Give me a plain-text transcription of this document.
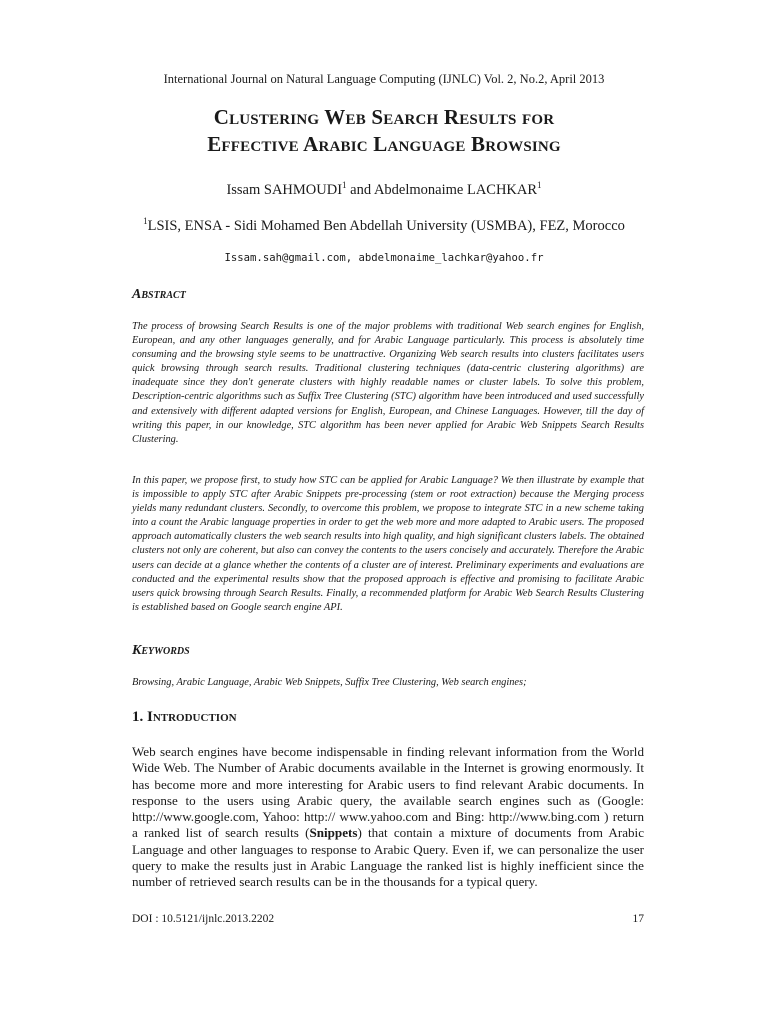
International Journal on Natural Language Computing (IJNLC) Vol. 2, No.2, April 2013
Clustering Web Search Results for
Effective Arabic Language Browsing
Issam SAHMOUDI$^1$ and Abdelmonaime LACHKAR$^1$
$^1$LSIS, ENSA - Sidi Mohamed Ben Abdellah University (USMBA), FEZ, Morocco
Issam.sah@gmail.com, abdelmonaime_lachkar@yahoo.fr
Abstract

The process of browsing Search Results is one of the major problems with traditional Web search engines for English, European, and any other languages generally, and for Arabic Language particularly. This process is absolutely time consuming and the browsing style seems to be unattractive. Organizing Web search results into clusters facilitates users quick browsing through search results. Traditional clustering techniques (data-centric clustering algorithms) are inadequate since they don't generate clusters with highly readable names or cluster labels. To solve this problem, Description-centric algorithms such as Suffix Tree Clustering (STC) algorithm have been introduced and used successfully and extensively with different adapted versions for English, European, and Chinese Languages. However, till the day of writing this paper, in our knowledge, STC algorithm has been never applied for Arabic Web Snippets Search Results Clustering.

In this paper, we propose first, to study how STC can be applied for Arabic Language? We then illustrate by example that is impossible to apply STC after Arabic Snippets pre-processing (stem or root extraction) because the Merging process yields many redundant clusters. Secondly, to overcome this problem, we propose to integrate STC in a new scheme taking into a count the Arabic language properties in order to get the web more and more adapted to Arabic users. The proposed approach automatically clusters the web search results into high quality, and high significant clusters labels. The obtained clusters not only are coherent, but also can convey the contents to the users concisely and accurately. Therefore the Arabic users can decide at a glance whether the contents of a cluster are of interest. Preliminary experiments and evaluations are conducted and the experimental results show that the proposed approach is effective and promising to facilitate Arabic users quick browsing through Search Results. Finally, a recommended platform for Arabic Web Search Results Clustering is established based on Google search engine API.

Keywords
Browsing, Arabic Language, Arabic Web Snippets, Suffix Tree Clustering, Web search engines;
1. Introduction

Web search engines have become indispensable in finding relevant information from the World Wide Web. The Number of Arabic documents available in the Internet is growing enormously. It has become more and more interesting for Arabic users to find relevant Arabic documents. In response to the users using Arabic query, the available search engines such as (Google: http://www.google.com, Yahoo: http:// www.yahoo.com and Bing: http://www.bing.com ) return a ranked list of search results (Snippets) that contain a mixture of documents from Arabic Language and other languages to response to Arabic Query. Even if, we can personalize the user query to make the results just in Arabic Language the ranked list is highly inefficient since the number of retrieved search results can be in the thousands for a typical query.

DOI : 10.5121/ijnlc.2013.2202	17
